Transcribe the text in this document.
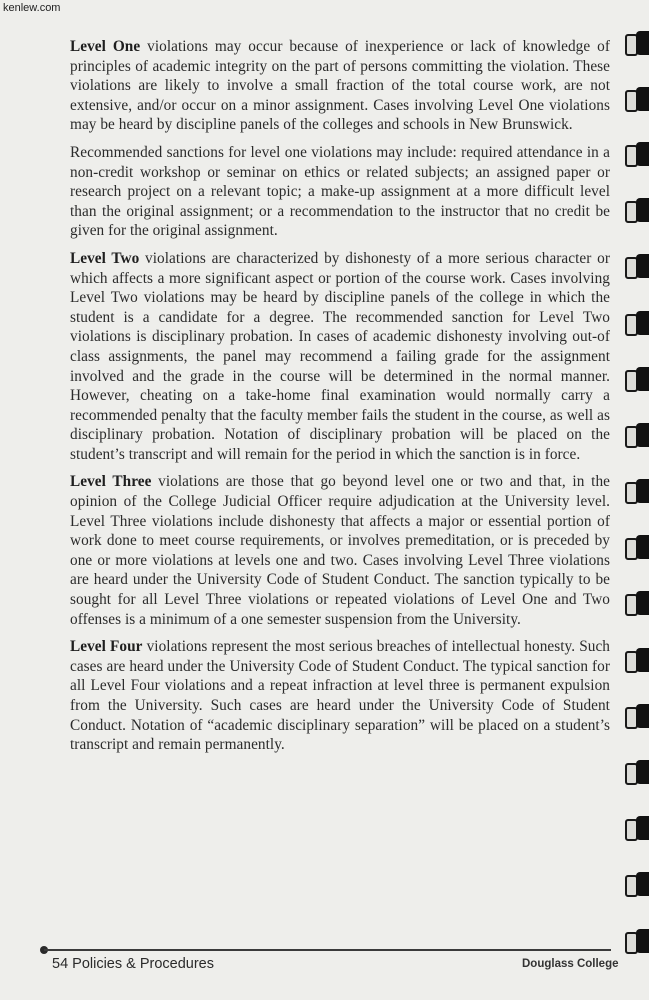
kenlew.com

Level One violations may occur because of inexperience or lack of knowledge of principles of academic integrity on the part of persons committing the violation. These violations are likely to involve a small fraction of the total course work, are not extensive, and/or occur on a minor assignment. Cases involving Level One violations may be heard by discipline panels of the colleges and schools in New Brunswick.

Recommended sanctions for level one violations may include: required attendance in a non-credit workshop or seminar on ethics or related subjects; an assigned paper or research project on a relevant topic; a make-up assignment at a more difficult level than the original assignment; or a recommendation to the instructor that no credit be given for the original assignment.

Level Two violations are characterized by dishonesty of a more serious character or which affects a more significant aspect or portion of the course work. Cases involving Level Two violations may be heard by discipline panels of the college in which the student is a candidate for a degree. The recommended sanction for Level Two violations is disciplinary probation. In cases of academic dishonesty involving out-of class assignments, the panel may recommend a failing grade for the assignment involved and the grade in the course will be determined in the normal manner. However, cheating on a take-home final examination would normally carry a recommended penalty that the faculty member fails the student in the course, as well as disciplinary probation. Notation of disciplinary probation will be placed on the student’s transcript and will remain for the period in which the sanction is in force.

Level Three violations are those that go beyond level one or two and that, in the opinion of the College Judicial Officer require adjudication at the University level. Level Three violations include dishonesty that affects a major or essential portion of work done to meet course requirements, or involves premeditation, or is preceded by one or more violations at levels one and two. Cases involving Level Three violations are heard under the University Code of Student Conduct. The sanction typically to be sought for all Level Three violations or repeated violations of Level One and Two offenses is a minimum of a one semester suspension from the University.

Level Four violations represent the most serious breaches of intellectual honesty. Such cases are heard under the University Code of Student Conduct. The typical sanction for all Level Four violations and a repeat infraction at level three is permanent expulsion from the University. Such cases are heard under the University Code of Student Conduct. Notation of “academic disciplinary separation” will be placed on a student’s transcript and remain permanently.

54 Policies & Procedures	Douglass College
